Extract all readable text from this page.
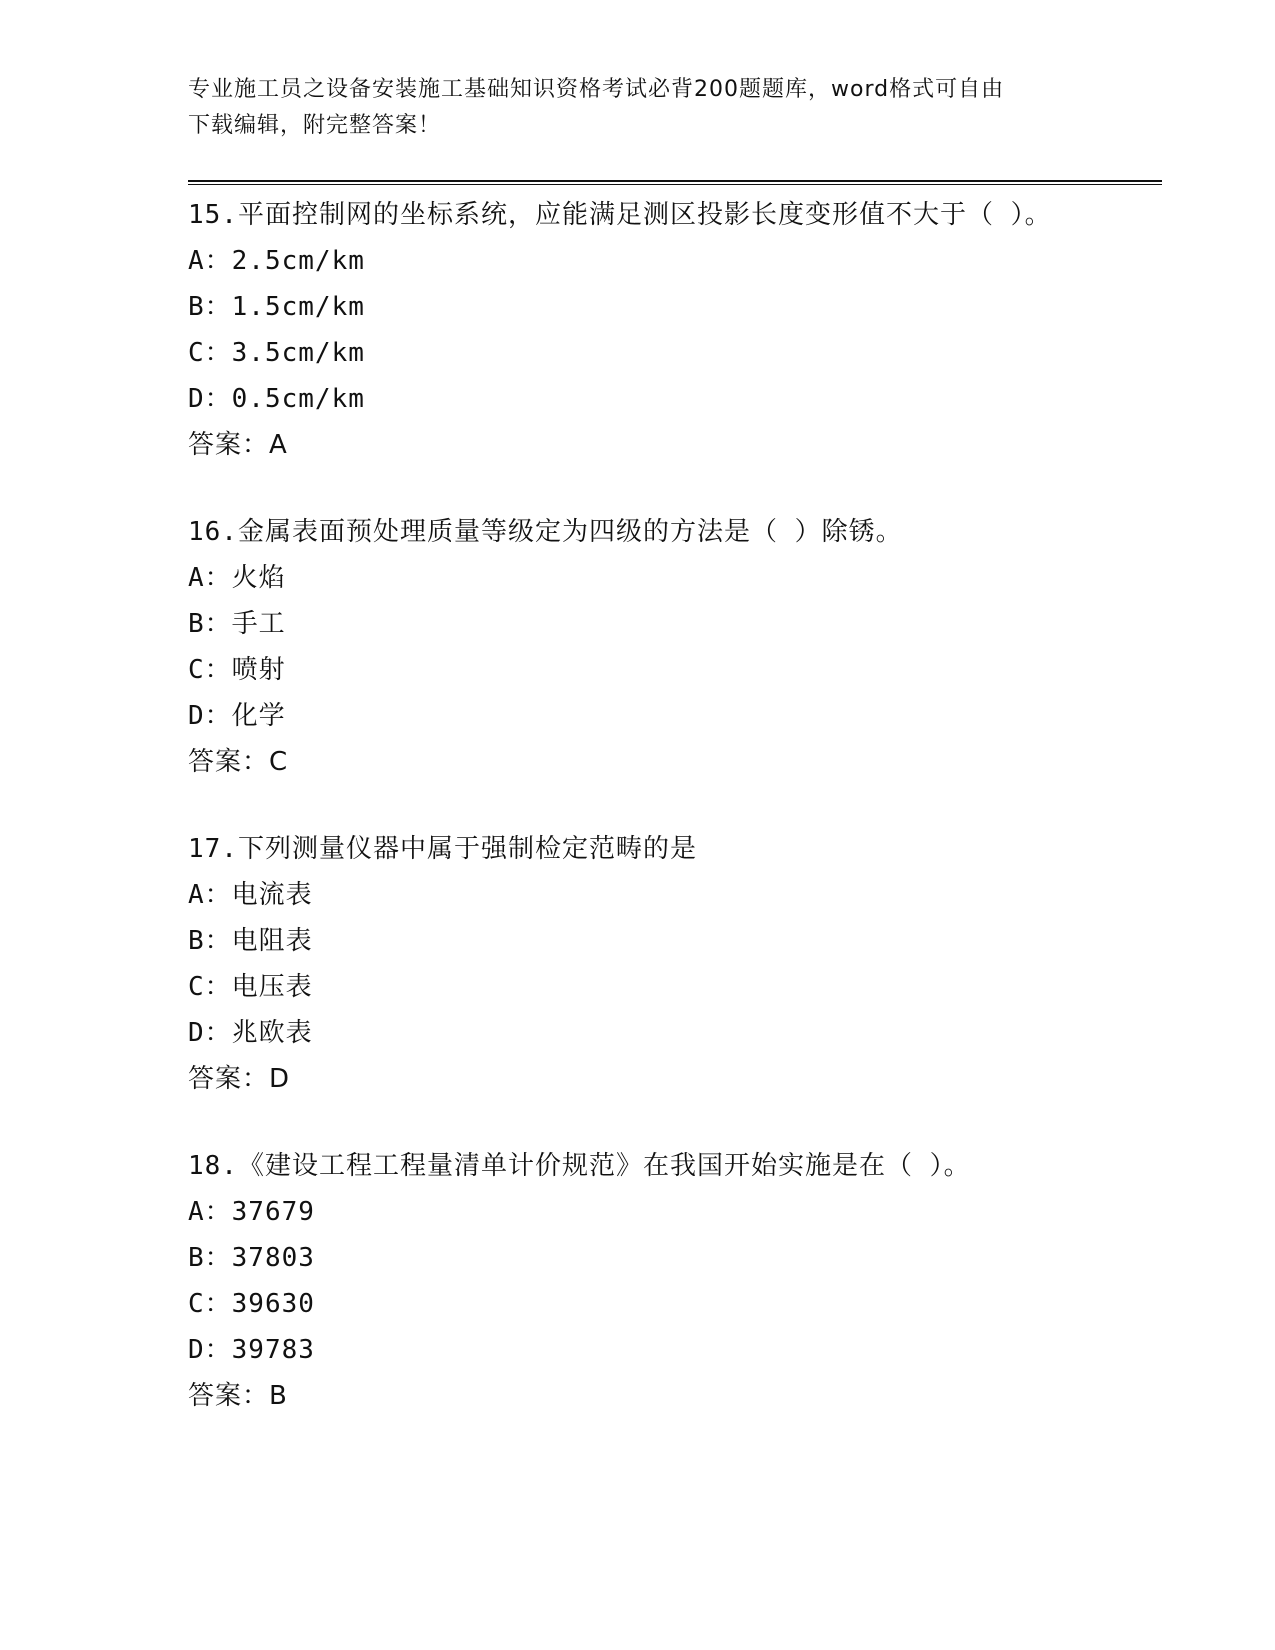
专业施工员之设备安装施工基础知识资格考试必背200题题库，word格式可自由
下载编辑，附完整答案！
15.平面控制网的坐标系统，应能满足测区投影长度变形值不大于（ ）。
A：2.5cm/km
B：1.5cm/km
C：3.5cm/km
D：0.5cm/km
答案：A
16.金属表面预处理质量等级定为四级的方法是（ ）除锈。
A：火焰
B：手工
C：喷射
D：化学
答案：C
17.下列测量仪器中属于强制检定范畴的是
A：电流表
B：电阻表
C：电压表
D：兆欧表
答案：D
18.《建设工程工程量清单计价规范》在我国开始实施是在（ ）。
A：37679
B：37803
C：39630
D：39783
答案：B
